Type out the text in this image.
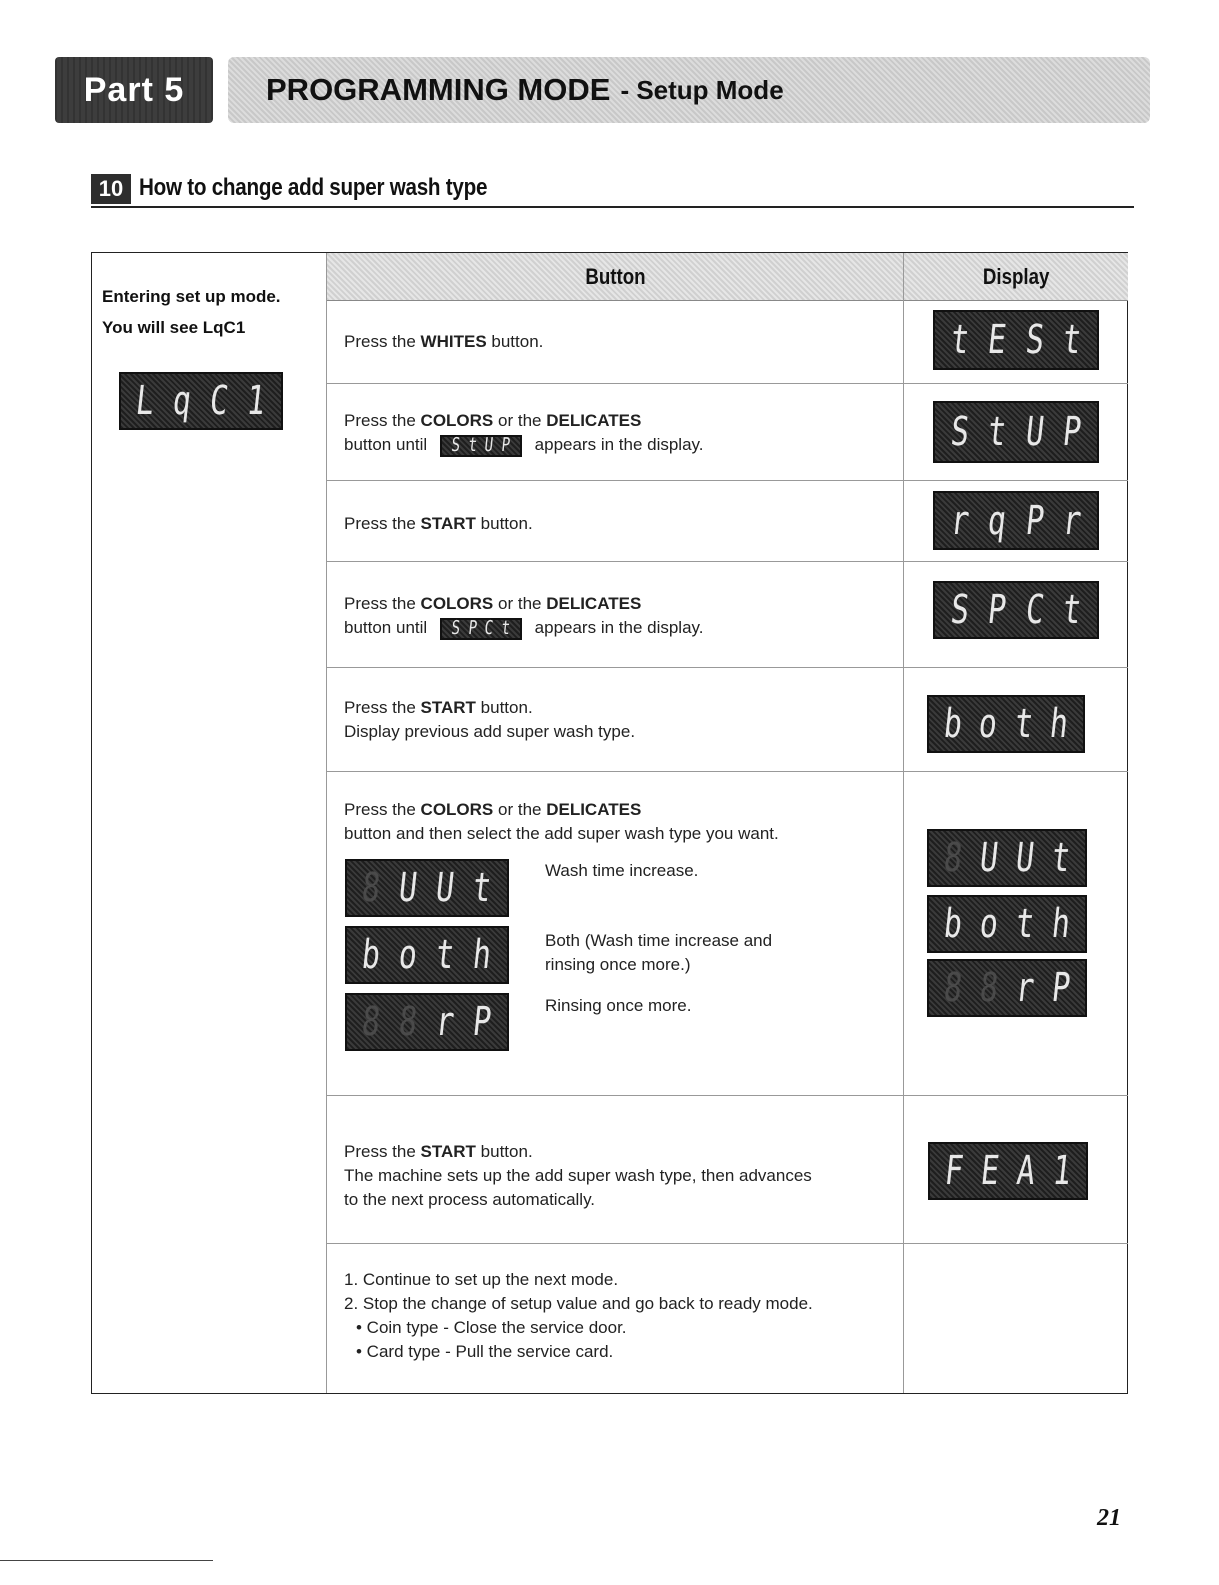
Part 5	PROGRAMMING MODE - Setup Mode
10 How to change add super wash type
Entering set up mode.
You will see LqC1
L q C 1
Button	Display
Press the WHITES button.	t E S t
Press the COLORS or the DELICATES
button until S t U P appears in the display.	S t U P
Press the START button.	r q P r
Press the COLORS or the DELICATES
button until S P C t appears in the display.	S P C t
Press the START button.
Display previous add super wash type.	b o t h
Press the COLORS or the DELICATES
button and then select the add super wash type you want.
8 U U t	Wash time increase.
b o t h	Both (Wash time increase and
rinsing once more.)
8 8 r P	Rinsing once more.
8 U U t
b o t h
8 8 r P
Press the START button.
The machine sets up the add super wash type, then advances
to the next process automatically.
F E A 1
1. Continue to set up the next mode.
2. Stop the change of setup value and go back to ready mode.
• Coin type - Close the service door.
• Card type - Pull the service card.
21
